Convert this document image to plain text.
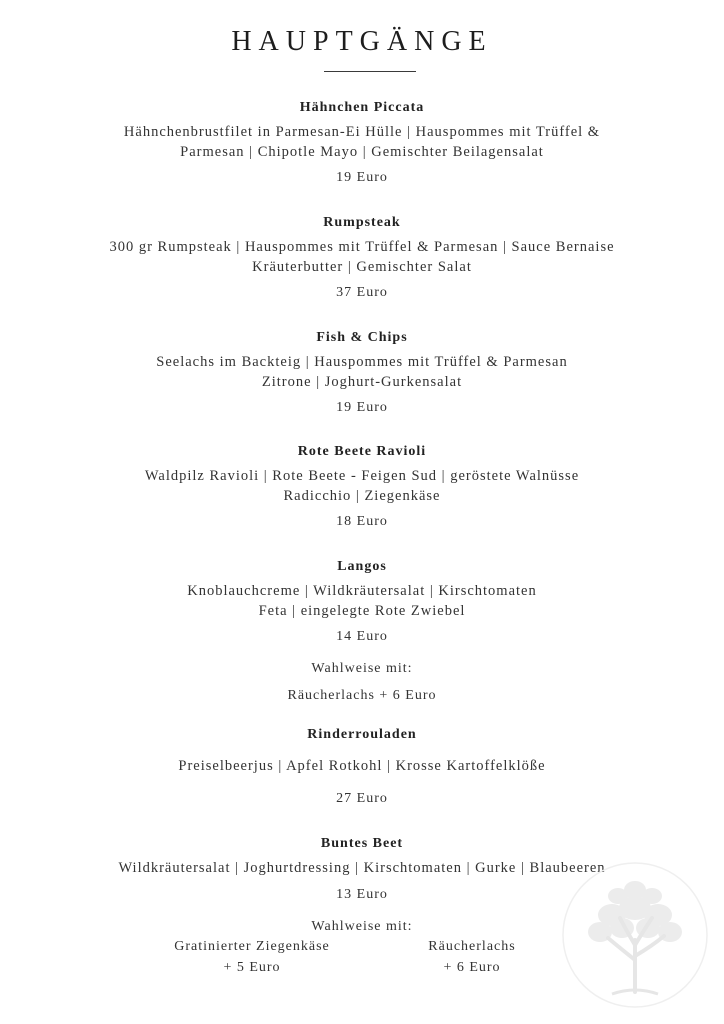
HAUPTGÄNGE

Hähnchen Piccata

Hähnchenbrustfilet in Parmesan-Ei Hülle | Hauspommes mit Trüffel &

Parmesan | Chipotle Mayo | Gemischter Beilagensalat

19 Euro

Rumpsteak

300 gr Rumpsteak | Hauspommes mit Trüffel & Parmesan | Sauce Bernaise

Kräuterbutter | Gemischter Salat

37 Euro

Fish & Chips

Seelachs im Backteig | Hauspommes mit Trüffel & Parmesan

Zitrone | Joghurt-Gurkensalat

19 Euro

Rote Beete Ravioli

Waldpilz Ravioli | Rote Beete - Feigen Sud | geröstete Walnüsse

Radicchio | Ziegenkäse

18 Euro

Langos

Knoblauchcreme | Wildkräutersalat | Kirschtomaten

Feta | eingelegte Rote Zwiebel

14 Euro

Wahlweise mit:

Räucherlachs + 6 Euro

Rinderrouladen

Preiselbeerjus | Apfel Rotkohl | Krosse Kartoffelklöße

27 Euro

Buntes Beet

Wildkräutersalat | Joghurtdressing | Kirschtomaten | Gurke | Blaubeeren

13 Euro

Wahlweise mit:

Gratinierter Ziegenkäse

+ 5 Euro

Räucherlachs

+ 6 Euro
